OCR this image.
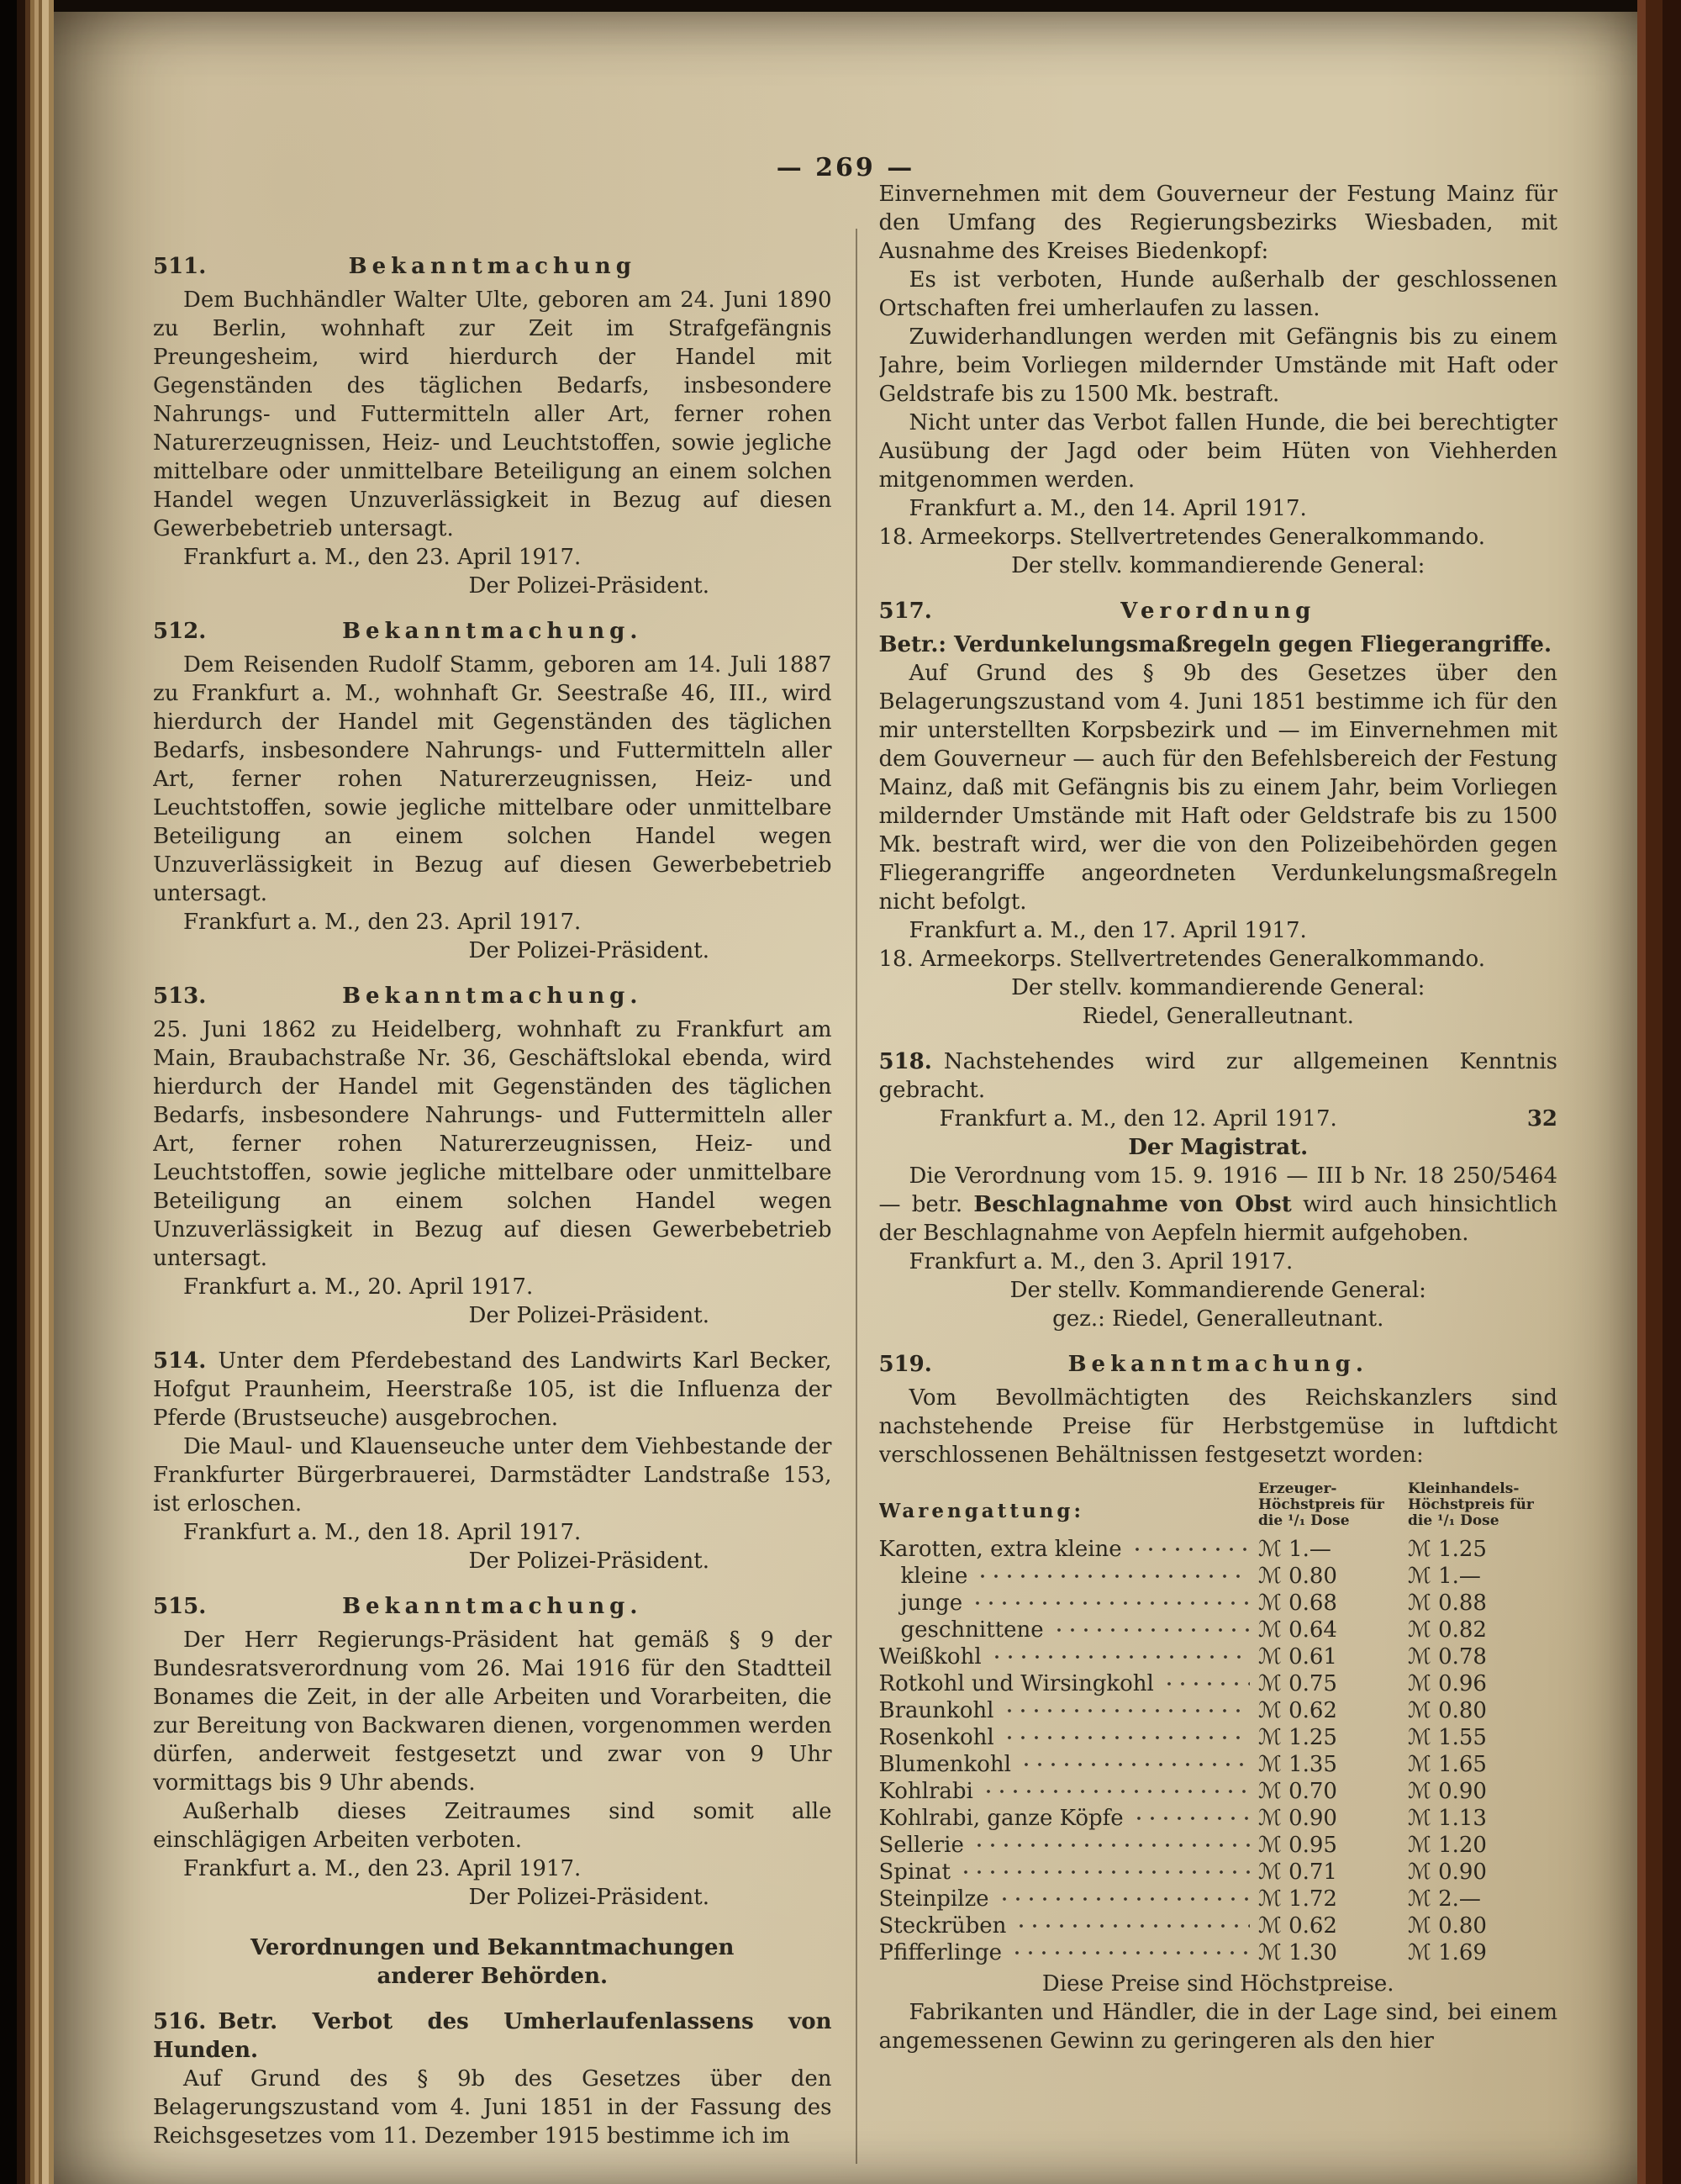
— 269 —
511.	Bekanntmachung

Dem Buchhändler Walter Ulte, geboren am 24. Juni 1890 zu Berlin, wohnhaft zur Zeit im Strafgefängnis Preungesheim, wird hierdurch der Handel mit Gegenständen des täglichen Bedarfs, insbesondere Nahrungs- und Futtermitteln aller Art, ferner rohen Naturerzeugnissen, Heiz- und Leuchtstoffen, sowie jegliche mittelbare oder unmittelbare Beteiligung an einem solchen Handel wegen Unzuverlässigkeit in Bezug auf diesen Gewerbebetrieb untersagt.

Frankfurt a. M., den 23. April 1917.

Der Polizei-Präsident.

512.	Bekanntmachung.

Dem Reisenden Rudolf Stamm, geboren am 14. Juli 1887 zu Frankfurt a. M., wohnhaft Gr. Seestraße 46, III., wird hierdurch der Handel mit Gegenständen des täglichen Bedarfs, insbesondere Nahrungs- und Futtermitteln aller Art, ferner rohen Naturerzeugnissen, Heiz- und Leuchtstoffen, sowie jegliche mittelbare oder unmittelbare Beteiligung an einem solchen Handel wegen Unzuverlässigkeit in Bezug auf diesen Gewerbebetrieb untersagt.

Frankfurt a. M., den 23. April 1917.

Der Polizei-Präsident.

513.	Bekanntmachung.

25. Juni 1862 zu Heidelberg, wohnhaft zu Frankfurt am Main, Braubachstraße Nr. 36, Geschäftslokal ebenda, wird hierdurch der Handel mit Gegenständen des täglichen Bedarfs, insbesondere Nahrungs- und Futtermitteln aller Art, ferner rohen Naturerzeugnissen, Heiz- und Leuchtstoffen, sowie jegliche mittelbare oder unmittelbare Beteiligung an einem solchen Handel wegen Unzuverlässigkeit in Bezug auf diesen Gewerbebetrieb untersagt.

Frankfurt a. M., 20. April 1917.

Der Polizei-Präsident.

514. Unter dem Pferdebestand des Landwirts Karl Becker, Hofgut Praunheim, Heerstraße 105, ist die Influenza der Pferde (Brustseuche) ausgebrochen.

Die Maul- und Klauenseuche unter dem Viehbestande der Frankfurter Bürgerbrauerei, Darmstädter Landstraße 153, ist erloschen.

Frankfurt a. M., den 18. April 1917.

Der Polizei-Präsident.

515.	Bekanntmachung.

Der Herr Regierungs-Präsident hat gemäß § 9 der Bundesratsverordnung vom 26. Mai 1916 für den Stadtteil Bonames die Zeit, in der alle Arbeiten und Vorarbeiten, die zur Bereitung von Backwaren dienen, vorgenommen werden dürfen, anderweit festgesetzt und zwar von 9 Uhr vormittags bis 9 Uhr abends.

Außerhalb dieses Zeitraumes sind somit alle einschlägigen Arbeiten verboten.

Frankfurt a. M., den 23. April 1917.

Der Polizei-Präsident.

Verordnungen und Bekanntmachungen anderer Behörden.

516. Betr. Verbot des Umherlaufenlassens von Hunden.

Auf Grund des § 9b des Gesetzes über den Belagerungszustand vom 4. Juni 1851 in der Fassung des Reichsgesetzes vom 11. Dezember 1915 bestimme ich im

Einvernehmen mit dem Gouverneur der Festung Mainz für den Umfang des Regierungsbezirks Wiesbaden, mit Ausnahme des Kreises Biedenkopf:

Es ist verboten, Hunde außerhalb der geschlossenen Ortschaften frei umherlaufen zu lassen.

Zuwiderhandlungen werden mit Gefängnis bis zu einem Jahre, beim Vorliegen mildernder Umstände mit Haft oder Geldstrafe bis zu 1500 Mk. bestraft.

Nicht unter das Verbot fallen Hunde, die bei berechtigter Ausübung der Jagd oder beim Hüten von Viehherden mitgenommen werden.

Frankfurt a. M., den 14. April 1917.

18. Armeekorps. Stellvertretendes Generalkommando.

Der stellv. kommandierende General:

517.	Verordnung

Betr.: Verdunkelungsmaßregeln gegen Fliegerangriffe.

Auf Grund des § 9b des Gesetzes über den Belagerungszustand vom 4. Juni 1851 bestimme ich für den mir unterstellten Korpsbezirk und — im Einvernehmen mit dem Gouverneur — auch für den Befehlsbereich der Festung Mainz, daß mit Gefängnis bis zu einem Jahr, beim Vorliegen mildernder Umstände mit Haft oder Geldstrafe bis zu 1500 Mk. bestraft wird, wer die von den Polizeibehörden gegen Fliegerangriffe angeordneten Verdunkelungsmaßregeln nicht befolgt.

Frankfurt a. M., den 17. April 1917.

18. Armeekorps. Stellvertretendes Generalkommando.

Der stellv. kommandierende General:

Riedel, Generalleutnant.

518. Nachstehendes wird zur allgemeinen Kenntnis gebracht.

Frankfurt a. M., den 12. April 1917.	32

Der Magistrat.

Die Verordnung vom 15. 9. 1916 — III b Nr. 18 250/5464 — betr. Beschlagnahme von Obst wird auch hinsichtlich der Beschlagnahme von Aepfeln hiermit aufgehoben.

Frankfurt a. M., den 3. April 1917.

Der stellv. Kommandierende General:

gez.: Riedel, Generalleutnant.

519.	Bekanntmachung.

Vom Bevollmächtigten des Reichskanzlers sind nachstehende Preise für Herbstgemüse in luftdicht verschlossenen Behältnissen festgesetzt worden:

Warengattung:
Erzeuger-
Höchstpreis für
die ¹/₁ Dose
Kleinhandels-
Höchstpreis für
die ¹/₁ Dose
Karotten, extra kleine	ℳ 1.—	ℳ 1.25
kleine	ℳ 0.80	ℳ 1.—
junge	ℳ 0.68	ℳ 0.88
geschnittene	ℳ 0.64	ℳ 0.82
Weißkohl	ℳ 0.61	ℳ 0.78
Rotkohl und Wirsingkohl	ℳ 0.75	ℳ 0.96
Braunkohl	ℳ 0.62	ℳ 0.80
Rosenkohl	ℳ 1.25	ℳ 1.55
Blumenkohl	ℳ 1.35	ℳ 1.65
Kohlrabi	ℳ 0.70	ℳ 0.90
Kohlrabi, ganze Köpfe	ℳ 0.90	ℳ 1.13
Sellerie	ℳ 0.95	ℳ 1.20
Spinat	ℳ 0.71	ℳ 0.90
Steinpilze	ℳ 1.72	ℳ 2.—
Steckrüben	ℳ 0.62	ℳ 0.80
Pfifferlinge	ℳ 1.30	ℳ 1.69

Diese Preise sind Höchstpreise.

Fabrikanten und Händler, die in der Lage sind, bei einem angemessenen Gewinn zu geringeren als den hier
